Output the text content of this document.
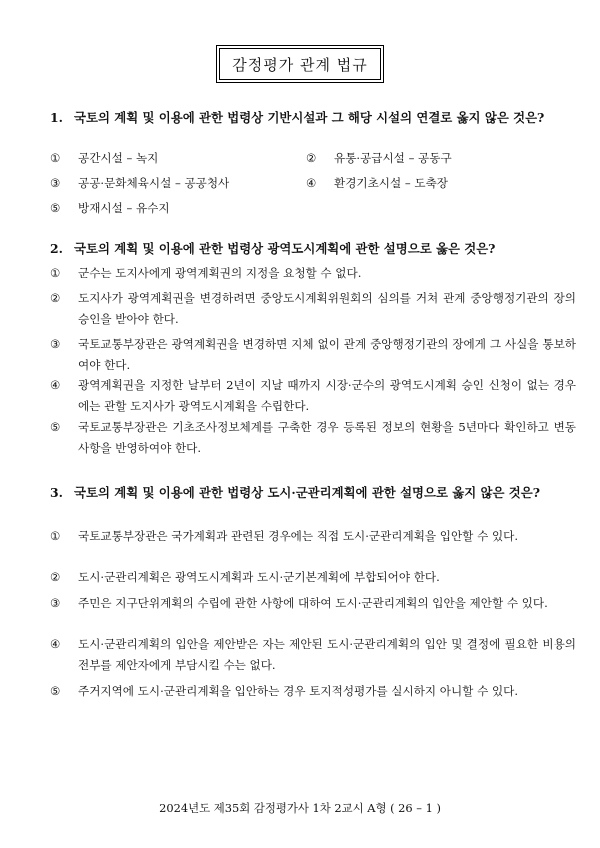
감정평가 관계 법규
1. 국토의 계획 및 이용에 관한 법령상 기반시설과 그 해당 시설의 연결로 옳지 않은 것은?
① 공간시설 – 녹지	② 유통·공급시설 – 공동구
③ 공공·문화체육시설 – 공공청사	④ 환경기초시설 – 도축장
⑤ 방재시설 – 유수지
2. 국토의 계획 및 이용에 관한 법령상 광역도시계획에 관한 설명으로 옳은 것은?
①	군수는 도지사에게 광역계획권의 지정을 요청할 수 없다.
②	도지사가 광역계획권을 변경하려면 중앙도시계획위원회의 심의를 거쳐 관계 중앙행정기관의 장의 승인을 받아야 한다.
③	국토교통부장관은 광역계획권을 변경하면 지체 없이 관계 중앙행정기관의 장에게 그 사실을 통보하여야 한다.
④	광역계획권을 지정한 날부터 2년이 지날 때까지 시장·군수의 광역도시계획 승인 신청이 없는 경우에는 관할 도지사가 광역도시계획을 수립한다.
⑤	국토교통부장관은 기초조사정보체계를 구축한 경우 등록된 정보의 현황을 5년마다 확인하고 변동사항을 반영하여야 한다.
3. 국토의 계획 및 이용에 관한 법령상 도시·군관리계획에 관한 설명으로 옳지 않은 것은?
①	국토교통부장관은 국가계획과 관련된 경우에는 직접 도시·군관리계획을 입안할 수 있다.
②	도시·군관리계획은 광역도시계획과 도시·군기본계획에 부합되어야 한다.
③	주민은 지구단위계획의 수립에 관한 사항에 대하여 도시·군관리계획의 입안을 제안할 수 있다.
④	도시·군관리계획의 입안을 제안받은 자는 제안된 도시·군관리계획의 입안 및 결정에 필요한 비용의 전부를 제안자에게 부담시킬 수는 없다.
⑤	주거지역에 도시·군관리계획을 입안하는 경우 토지적성평가를 실시하지 아니할 수 있다.
2024년도 제35회 감정평가사 1차 2교시 A형 ( 26 – 1 )
